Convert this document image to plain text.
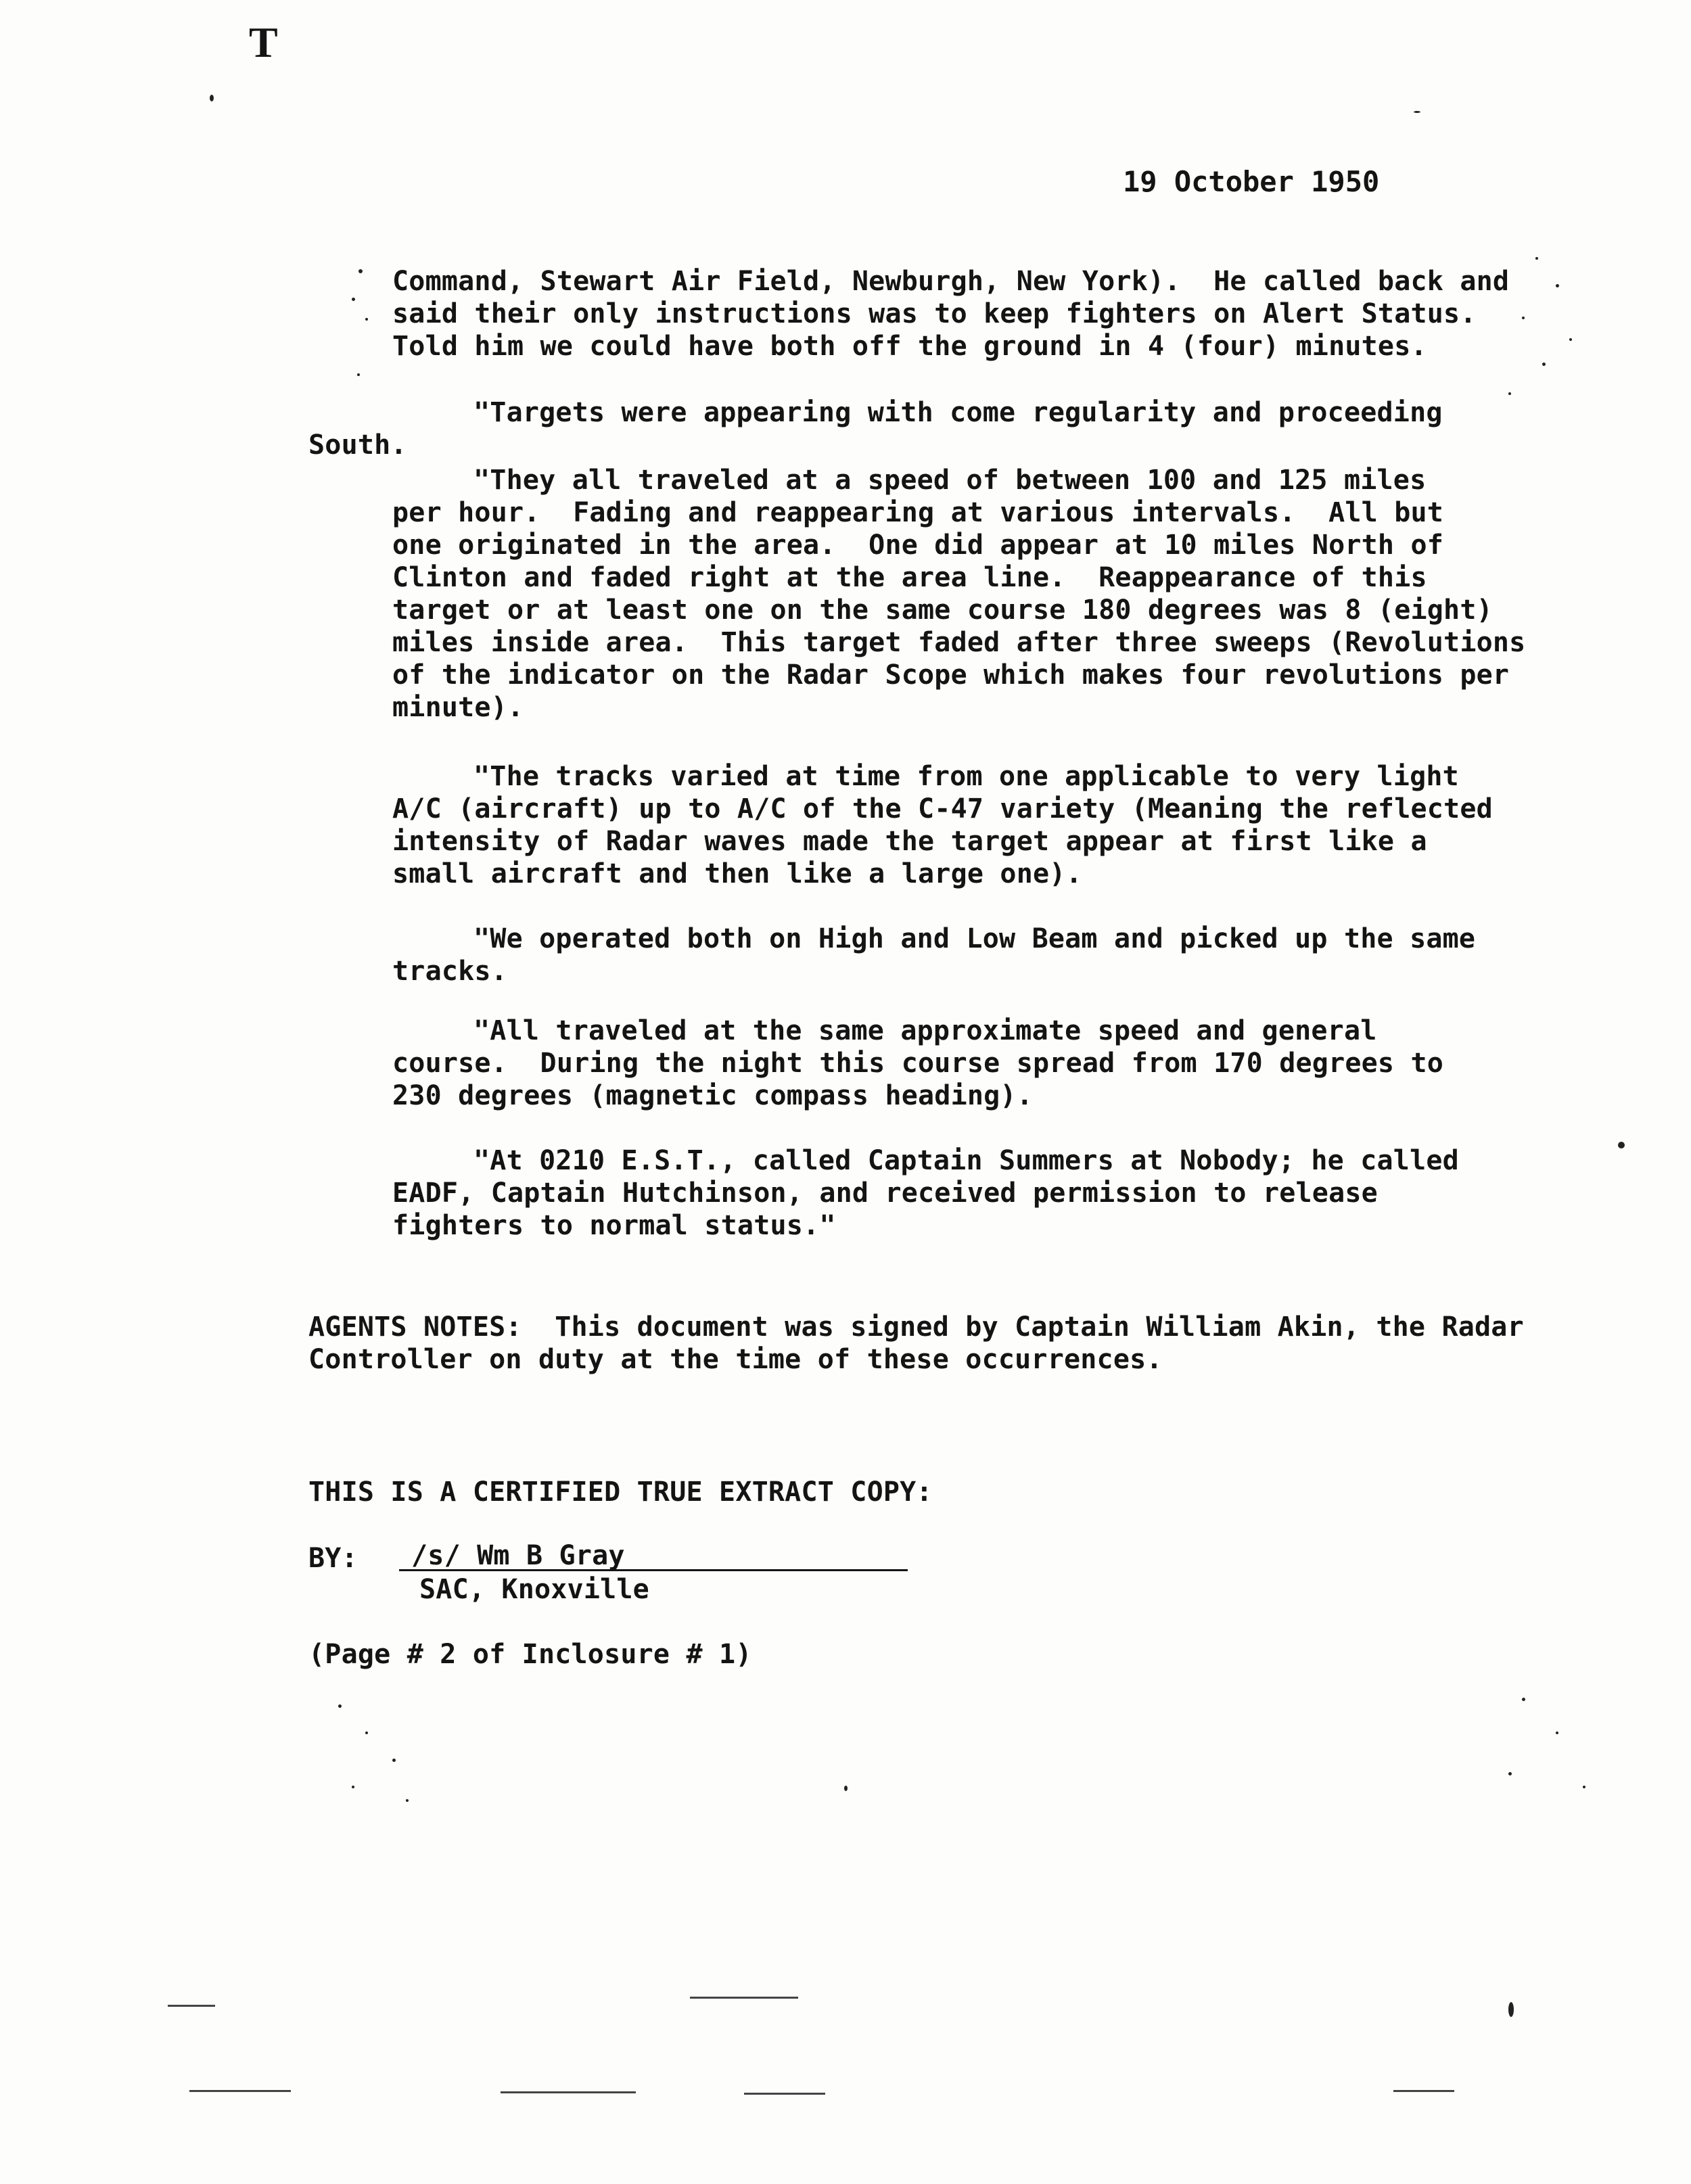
T
19 October 1950
Command, Stewart Air Field, Newburgh, New York).  He called back and
said their only instructions was to keep fighters on Alert Status.
Told him we could have both off the ground in 4 (four) minutes.
"Targets were appearing with come regularity and proceeding
South.
"They all traveled at a speed of between 100 and 125 miles
per hour.  Fading and reappearing at various intervals.  All but
one originated in the area.  One did appear at 10 miles North of
Clinton and faded right at the area line.  Reappearance of this
target or at least one on the same course 180 degrees was 8 (eight)
miles inside area.  This target faded after three sweeps (Revolutions
of the indicator on the Radar Scope which makes four revolutions per
minute).
"The tracks varied at time from one applicable to very light
A/C (aircraft) up to A/C of the C-47 variety (Meaning the reflected
intensity of Radar waves made the target appear at first like a
small aircraft and then like a large one).
"We operated both on High and Low Beam and picked up the same
tracks.
"All traveled at the same approximate speed and general
course.  During the night this course spread from 170 degrees to
230 degrees (magnetic compass heading).
"At 0210 E.S.T., called Captain Summers at Nobody; he called
EADF, Captain Hutchinson, and received permission to release
fighters to normal status."
AGENTS NOTES:  This document was signed by Captain William Akin, the Radar
Controller on duty at the time of these occurrences.
THIS IS A CERTIFIED TRUE EXTRACT COPY:
BY: /s/ Wm B Gray
SAC, Knoxville
(Page # 2 of Inclosure # 1)
